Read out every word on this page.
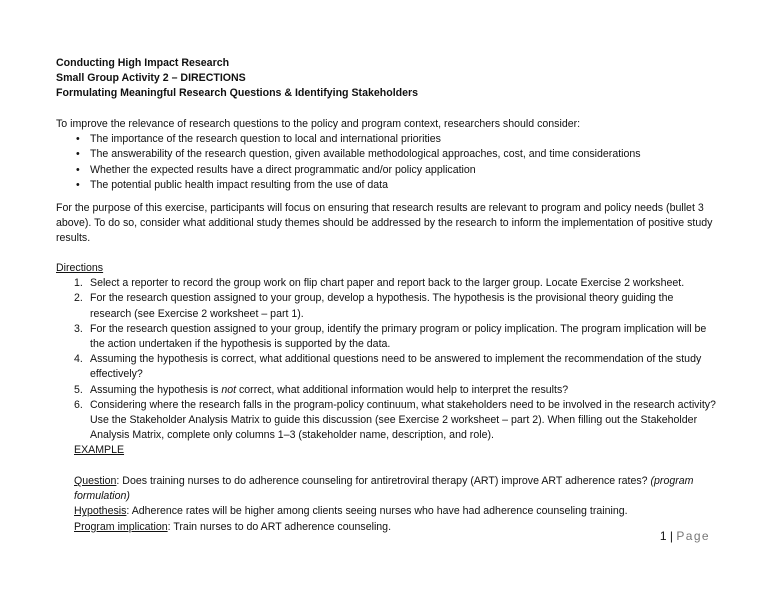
Conducting High Impact Research

Small Group Activity 2 – DIRECTIONS

Formulating Meaningful Research Questions & Identifying Stakeholders

To improve the relevance of research questions to the policy and program context, researchers should consider:

• The importance of the research question to local and international priorities
• The answerability of the research question, given available methodological approaches, cost, and time considerations
• Whether the expected results have a direct programmatic and/or policy application
• The potential public health impact resulting from the use of data

For the purpose of this exercise, participants will focus on ensuring that research results are relevant to program and policy needs (bullet 3 above). To do so, consider what additional study themes should be addressed by the research to inform the implementation of positive study results.

Directions

1. Select a reporter to record the group work on flip chart paper and report back to the larger group. Locate Exercise 2 worksheet.
2. For the research question assigned to your group, develop a hypothesis. The hypothesis is the provisional theory guiding the research (see Exercise 2 worksheet – part 1).
3. For the research question assigned to your group, identify the primary program or policy implication. The program implication will be the action undertaken if the hypothesis is supported by the data.
4. Assuming the hypothesis is correct, what additional questions need to be answered to implement the recommendation of the study effectively?
5. Assuming the hypothesis is not correct, what additional information would help to interpret the results?
6. Considering where the research falls in the program-policy continuum, what stakeholders need to be involved in the research activity? Use the Stakeholder Analysis Matrix to guide this discussion (see Exercise 2 worksheet – part 2). When filling out the Stakeholder Analysis Matrix, complete only columns 1–3 (stakeholder name, description, and role).

EXAMPLE

Question: Does training nurses to do adherence counseling for antiretroviral therapy (ART) improve ART adherence rates? (program formulation)

Hypothesis: Adherence rates will be higher among clients seeing nurses who have had adherence counseling training.

Program implication: Train nurses to do ART adherence counseling.

1 | Page
